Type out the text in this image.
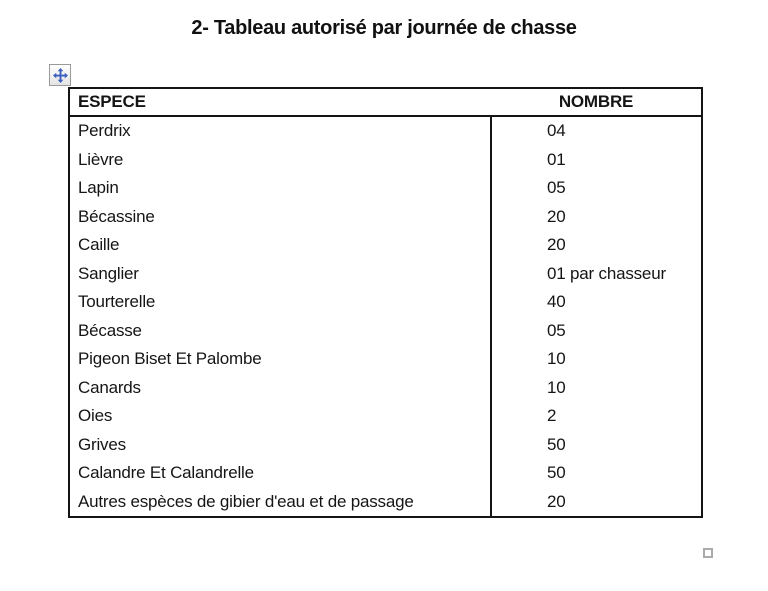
2- Tableau autorisé par journée de chasse
ESPECE	NOMBRE
Perdrix	04
Lièvre	01
Lapin	05
Bécassine	20
Caille	20
Sanglier	01 par chasseur
Tourterelle	40
Bécasse	05
Pigeon Biset Et Palombe	10
Canards	10
Oies	2
Grives	50
Calandre Et Calandrelle	50
Autres espèces de gibier d'eau et de passage	20
